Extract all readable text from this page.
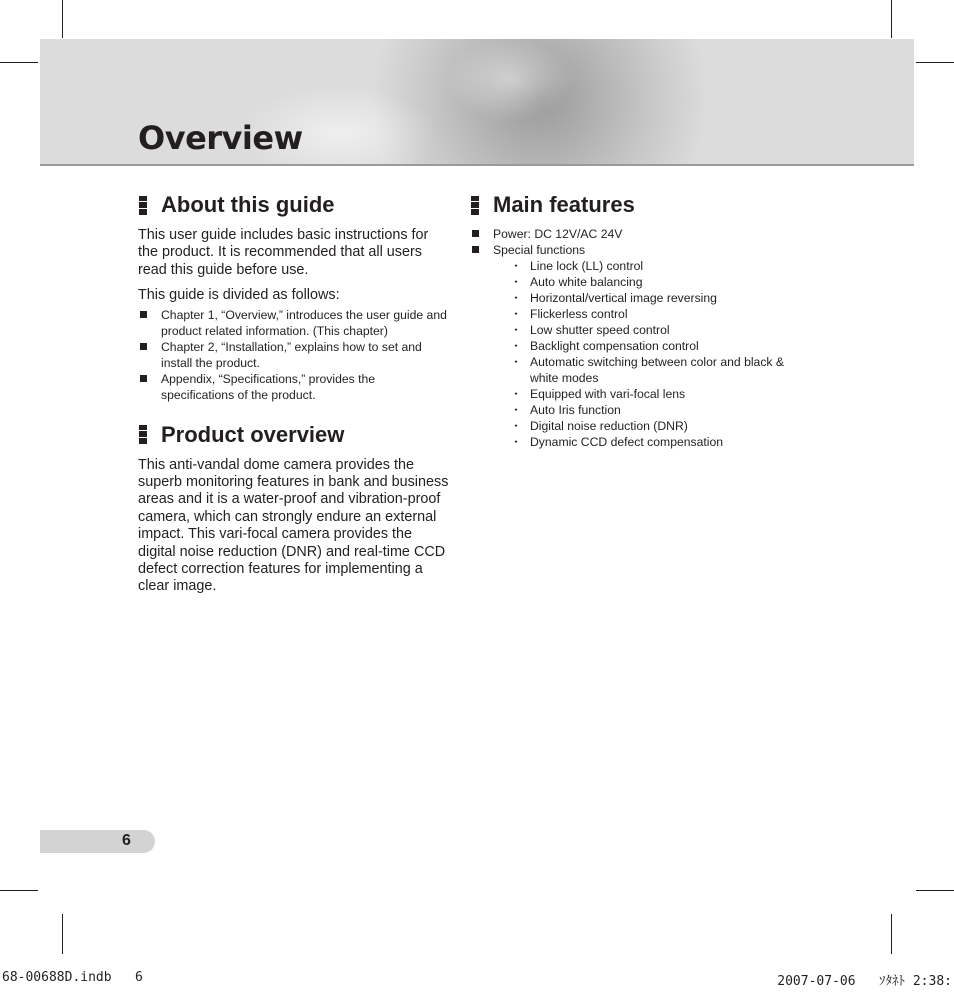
Overview
About this guide

This user guide includes basic instructions for the product. It is recommended that all users read this guide before use.

This guide is divided as follows:

Chapter 1, “Overview,” introduces the user guide and product related information. (This chapter)
Chapter 2, “Installation,” explains how to set and install the product.
Appendix, “Specifications,” provides the specifications of the product.
Product overview

This anti-vandal dome camera provides the superb monitoring features in bank and business areas and it is a water-proof and vibration-proof camera, which can strongly endure an external impact. This vari-focal camera provides the digital noise reduction (DNR) and real-time CCD defect correction features for implementing a clear image.

Main features
Power: DC 12V/AC 24V
Special functions
・ Line lock (LL) control
・ Auto white balancing
・ Horizontal/vertical image reversing
・ Flickerless control
・ Low shutter speed control
・ Backlight compensation control
・ Automatic switching between color and black & white modes
・ Equipped with vari-focal lens
・ Auto Iris function
・ Digital noise reduction (DNR)
・ Dynamic CCD defect compensation
6
68-00688D.indb   6	2007-07-06   ｿﾀﾈﾄ 2:38:
